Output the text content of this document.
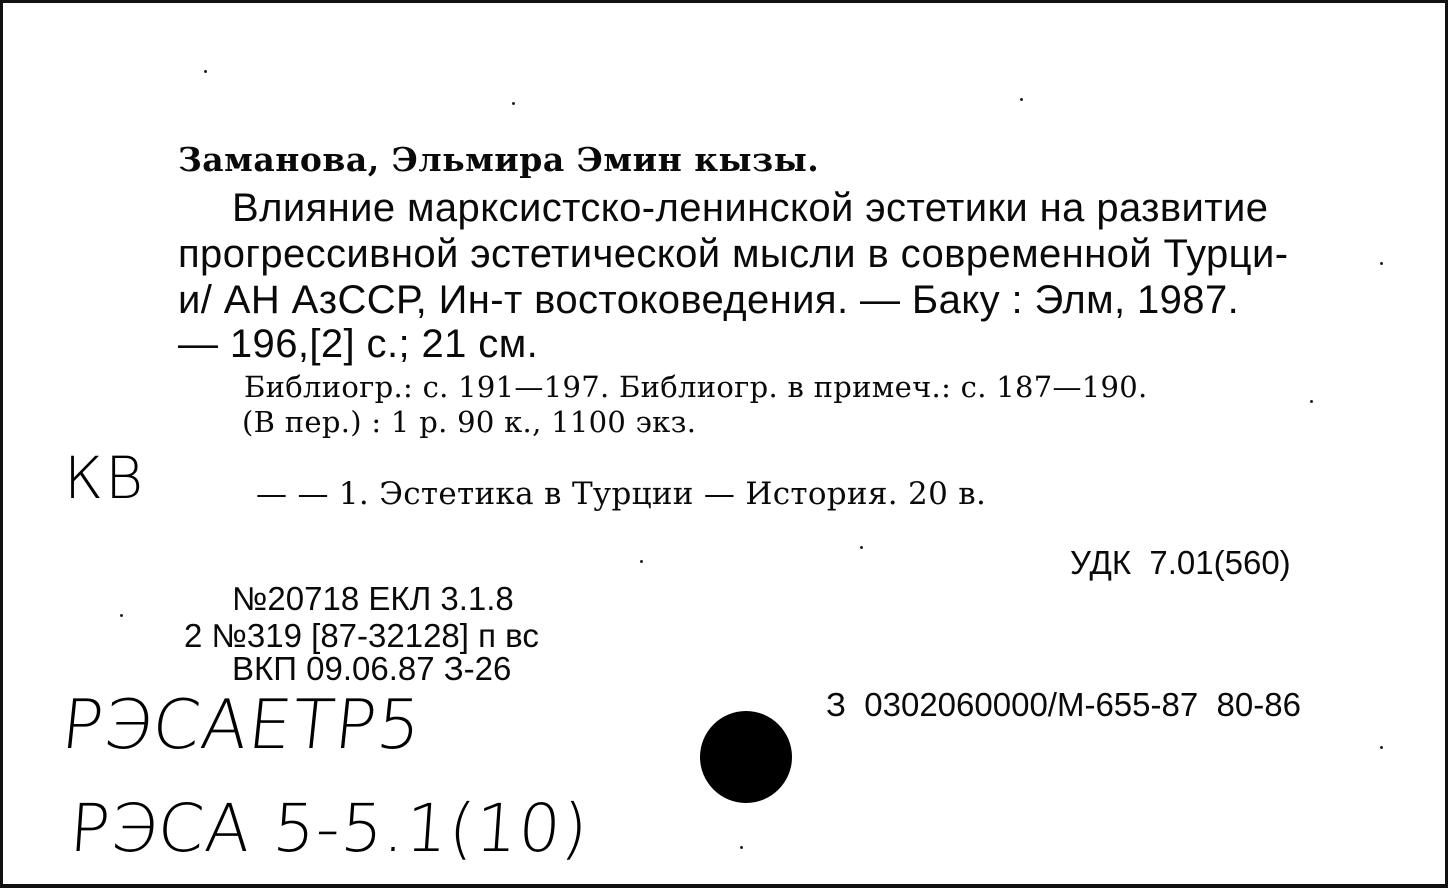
Заманова, Эльмира Эмин кызы.
Влияние марксистско-ленинской эстетики на развитие
прогрессивной эстетической мысли в современной Турци-
и/ АН АзССР, Ин-т востоковедения. — Баку : Элм, 1987.
— 196,[2] с.; 21 см.
Библиогр.: с. 191—197. Библиогр. в примеч.: с. 187—190.
(В пер.) : 1 р. 90 к., 1100 экз.
— — 1. Эстетика в Турции — История. 20 в.
УДК  7.01(560)
№20718 ЕКЛ 3.1.8
2 №319 [87-32128] п вс
ВКП 09.06.87 З-26
З  0302060000/М-655-87  80-86
КВ
РЭСАЕТР5
РЭСА 5-5.1(10)
